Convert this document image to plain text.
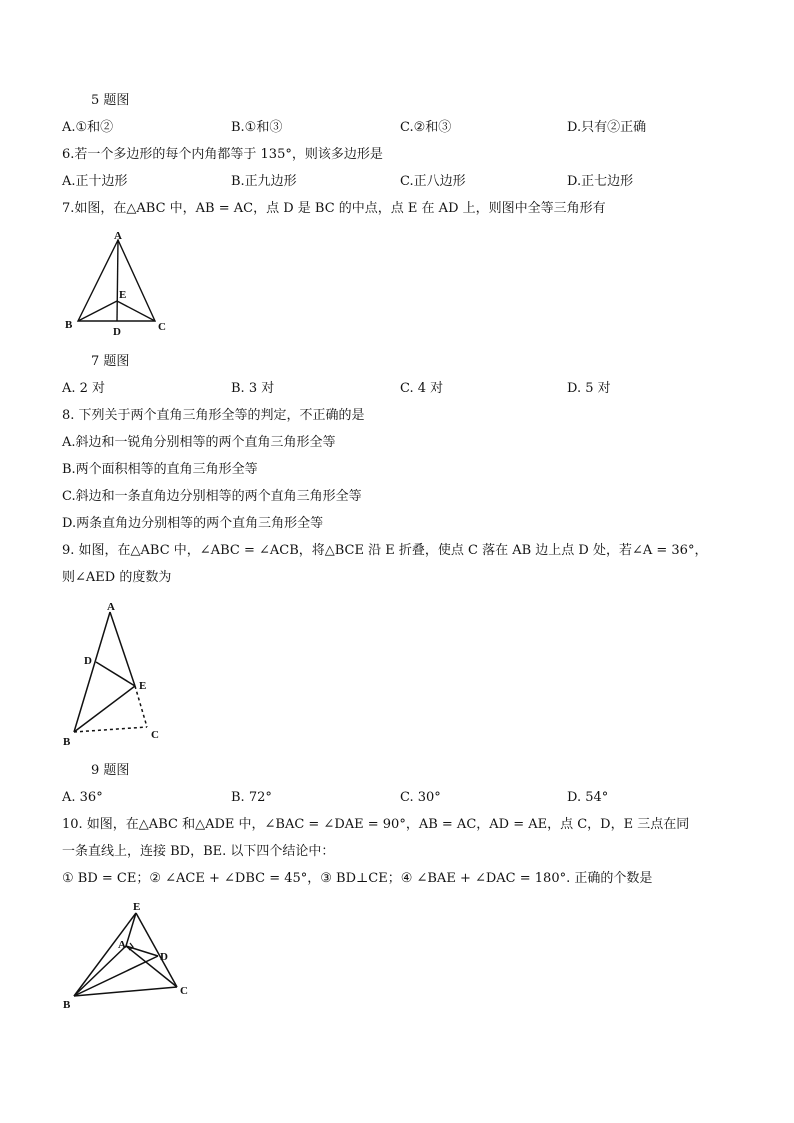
5 题图
A.①和②	B.①和③	C.②和③	D.只有②正确
6.若一个多边形的每个内角都等于 135°，则该多边形是
A.正十边形	B.正九边形	C.正八边形	D.正七边形
7.如图，在△ABC 中，AB = AC，点 D 是 BC 的中点，点 E 在 AD 上，则图中全等三角形有
A
B	C
D
E
7 题图
A. 2 对	B. 3 对	C. 4 对	D. 5 对
8. 下列关于两个直角三角形全等的判定，不正确的是
A.斜边和一锐角分别相等的两个直角三角形全等
B.两个面积相等的直角三角形全等
C.斜边和一条直角边分别相等的两个直角三角形全等
D.两条直角边分别相等的两个直角三角形全等
9. 如图，在△ABC 中，∠ABC = ∠ACB，将△BCE 沿 E 折叠，使点 C 落在 AB 边上点 D 处，若∠A = 36°，
则∠AED 的度数为
A
B
C
D
E
9 题图
A. 36°	B. 72°	C. 30°	D. 54°
10. 如图，在△ABC 和△ADE 中，∠BAC = ∠DAE = 90°，AB = AC，AD = AE，点 C，D，E 三点在同
一条直线上，连接 BD，BE. 以下四个结论中：
① BD = CE；② ∠ACE + ∠DBC = 45°，③ BD⊥CE；④ ∠BAE + ∠DAC = 180°. 正确的个数是
E
A
D
B
C
